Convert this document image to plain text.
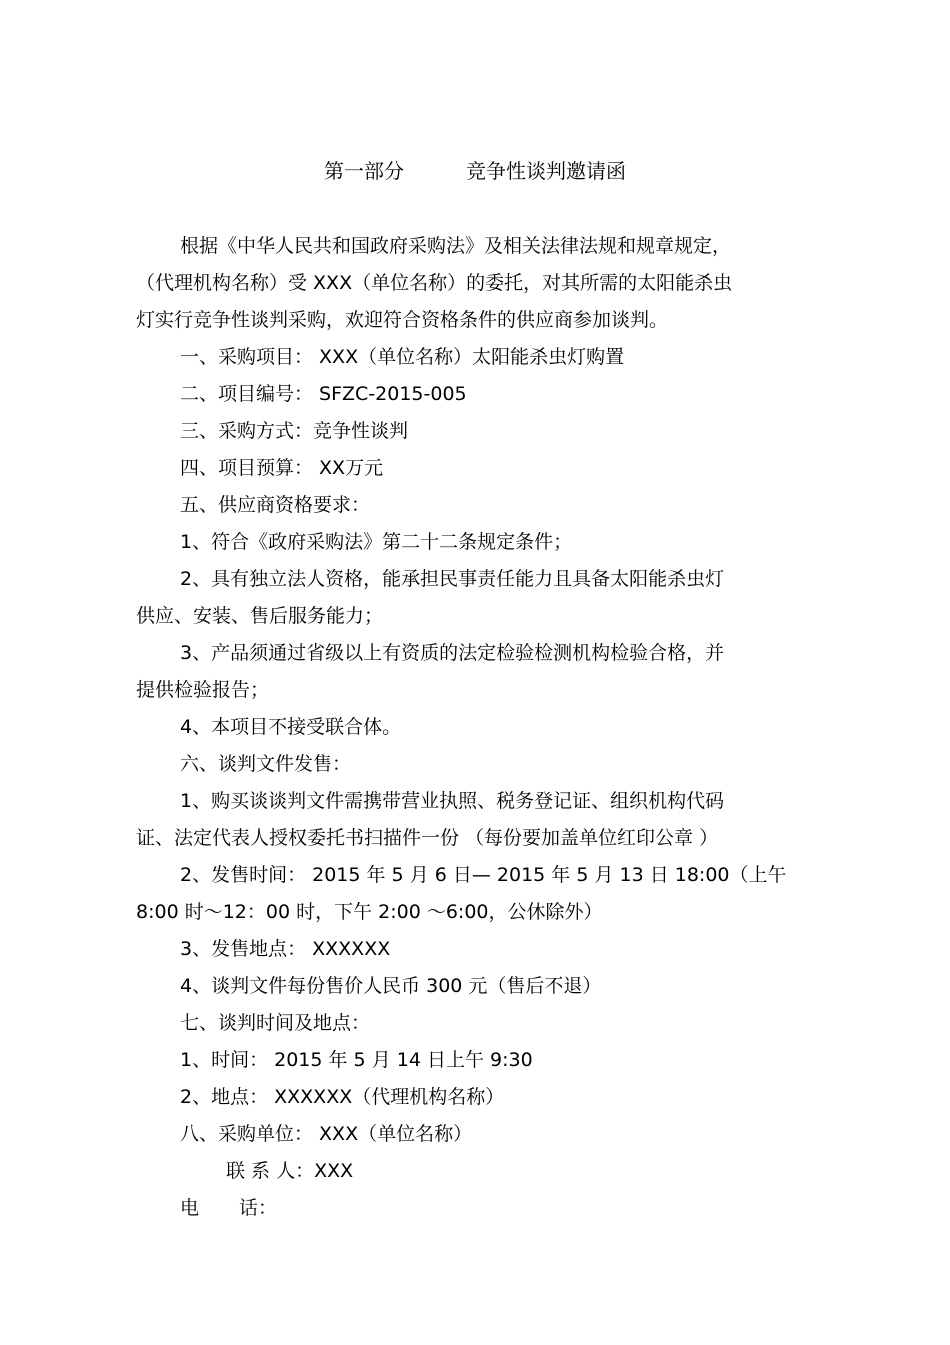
第一部分	竞争性谈判邀请函
根据《中华人民共和国政府采购法》及相关法律法规和规章规定，
（代理机构名称）受 XXX（单位名称）的委托，对其所需的太阳能杀虫
灯实行竞争性谈判采购，欢迎符合资格条件的供应商参加谈判。
一、采购项目： XXX（单位名称）太阳能杀虫灯购置
二、项目编号： SFZC-2015-005
三、采购方式：竞争性谈判
四、项目预算： XX万元
五、供应商资格要求：
1、符合《政府采购法》第二十二条规定条件；
2、具有独立法人资格，能承担民事责任能力且具备太阳能杀虫灯
供应、安装、售后服务能力；
3、产品须通过省级以上有资质的法定检验检测机构检验合格，并
提供检验报告；
4、本项目不接受联合体。
六、谈判文件发售：
1、购买谈谈判文件需携带营业执照、税务登记证、组织机构代码
证、法定代表人授权委托书扫描件一份 （每份要加盖单位红印公章 ）
2、发售时间： 2015 年 5 月 6 日— 2015 年 5 月 13 日 18:00（上午
8:00 时～12：00 时，下午 2:00 ～6:00，公休除外）
3、发售地点： XXXXXX
4、谈判文件每份售价人民币 300 元（售后不退）
七、谈判时间及地点：
1、时间： 2015 年 5 月 14 日上午 9:30
2、地点： XXXXXX（代理机构名称）
八、采购单位： XXX（单位名称）
联 系 人：XXX
电 话：
